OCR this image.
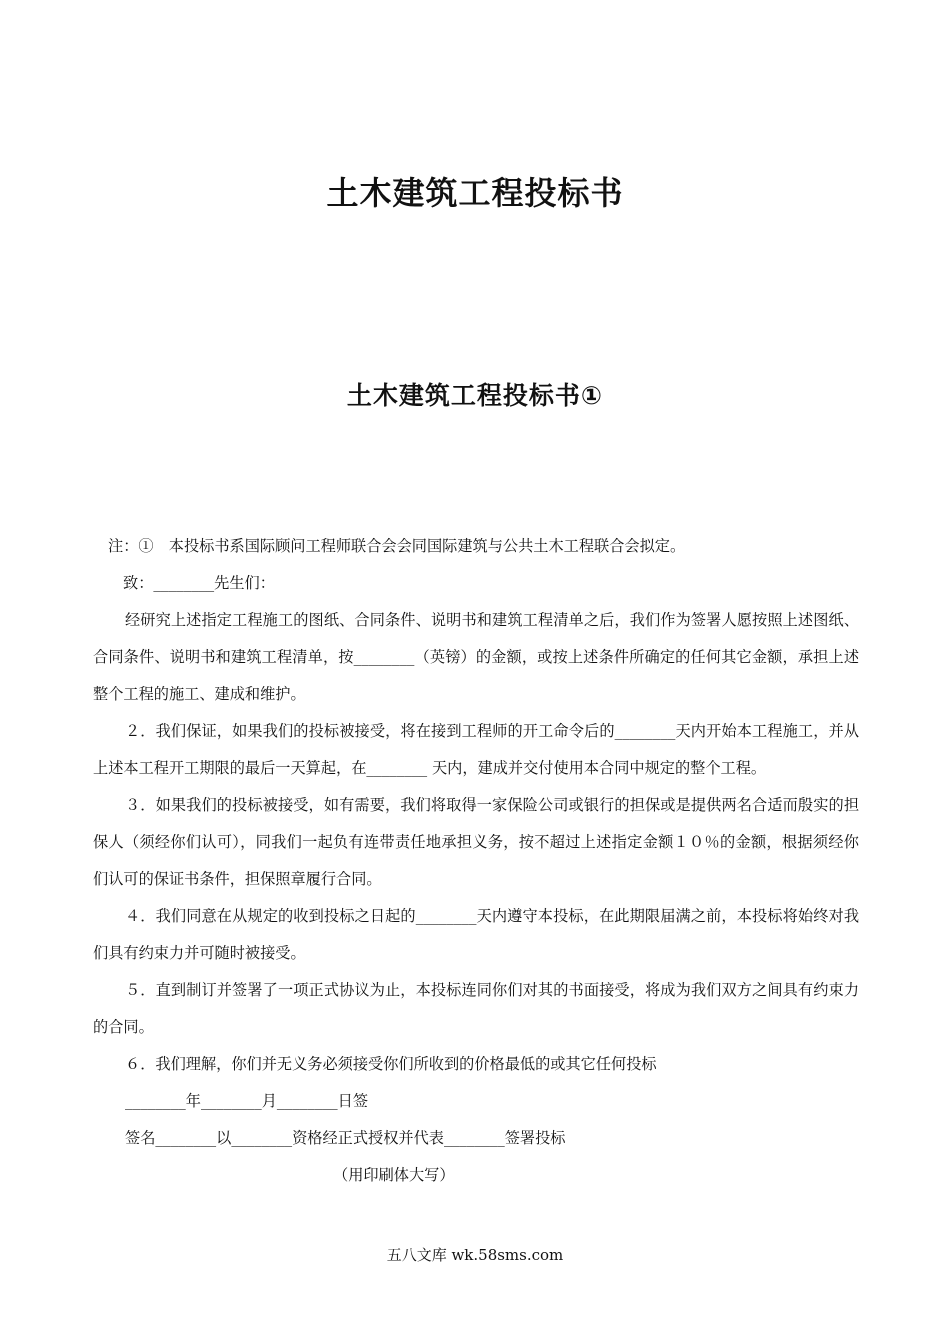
土木建筑工程投标书
土木建筑工程投标书①
注：①　本投标书系国际顾问工程师联合会会同国际建筑与公共土木工程联合会拟定。
致：________先生们：
经研究上述指定工程施工的图纸、合同条件、说明书和建筑工程清单之后，我们作为签署人愿按照上述图纸、合同条件、说明书和建筑工程清单，按________（英镑）的金额，或按上述条件所确定的任何其它金额，承担上述整个工程的施工、建成和维护。
２．我们保证，如果我们的投标被接受，将在接到工程师的开工命令后的________天内开始本工程施工，并从上述本工程开工期限的最后一天算起，在________ 天内，建成并交付使用本合同中规定的整个工程。
３．如果我们的投标被接受，如有需要，我们将取得一家保险公司或银行的担保或是提供两名合适而殷实的担保人（须经你们认可），同我们一起负有连带责任地承担义务，按不超过上述指定金额１０％的金额，根据须经你们认可的保证书条件，担保照章履行合同。
４．我们同意在从规定的收到投标之日起的________天内遵守本投标，在此期限届满之前，本投标将始终对我们具有约束力并可随时被接受。
５．直到制订并签署了一项正式协议为止，本投标连同你们对其的书面接受，将成为我们双方之间具有约束力的合同。
６．我们理解，你们并无义务必须接受你们所收到的价格最低的或其它任何投标
________年________月________日签
签名________以________资格经正式授权并代表________签署投标
（用印刷体大写）
五八文库 wk.58sms.com
